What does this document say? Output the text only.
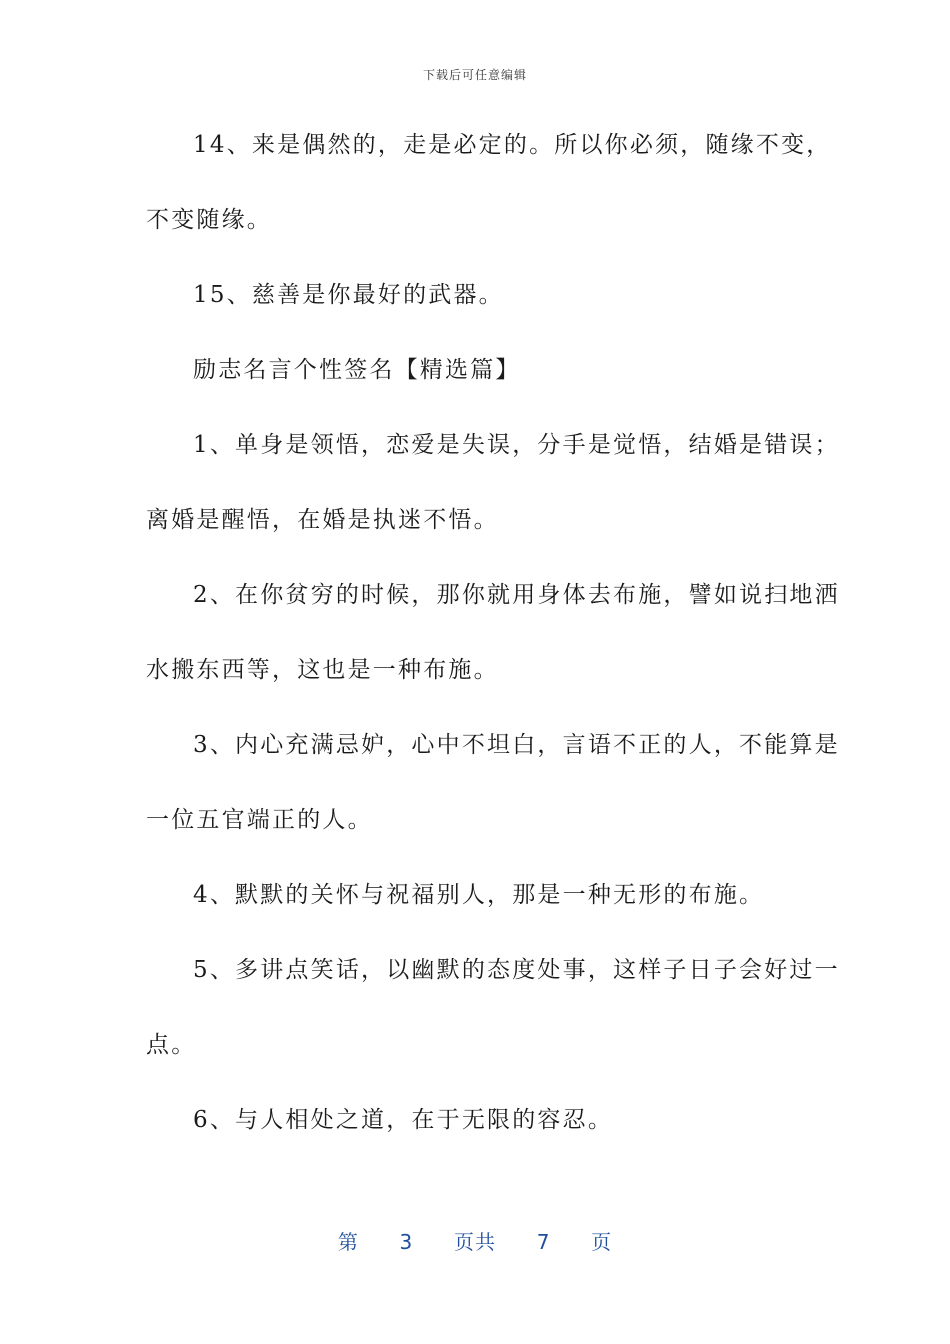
下载后可任意编辑
14、来是偶然的，走是必定的。所以你必须，随缘不变，
不变随缘。
15、慈善是你最好的武器。
励志名言个性签名【精选篇】
1、单身是领悟，恋爱是失误，分手是觉悟，结婚是错误；
离婚是醒悟，在婚是执迷不悟。
2、在你贫穷的时候，那你就用身体去布施，譬如说扫地洒
水搬东西等，这也是一种布施。
3、内心充满忌妒，心中不坦白，言语不正的人，不能算是
一位五官端正的人。
4、默默的关怀与祝福别人，那是一种无形的布施。
5、多讲点笑话，以幽默的态度处事，这样子日子会好过一
点。
6、与人相处之道，在于无限的容忍。
第 3 页共 7 页
